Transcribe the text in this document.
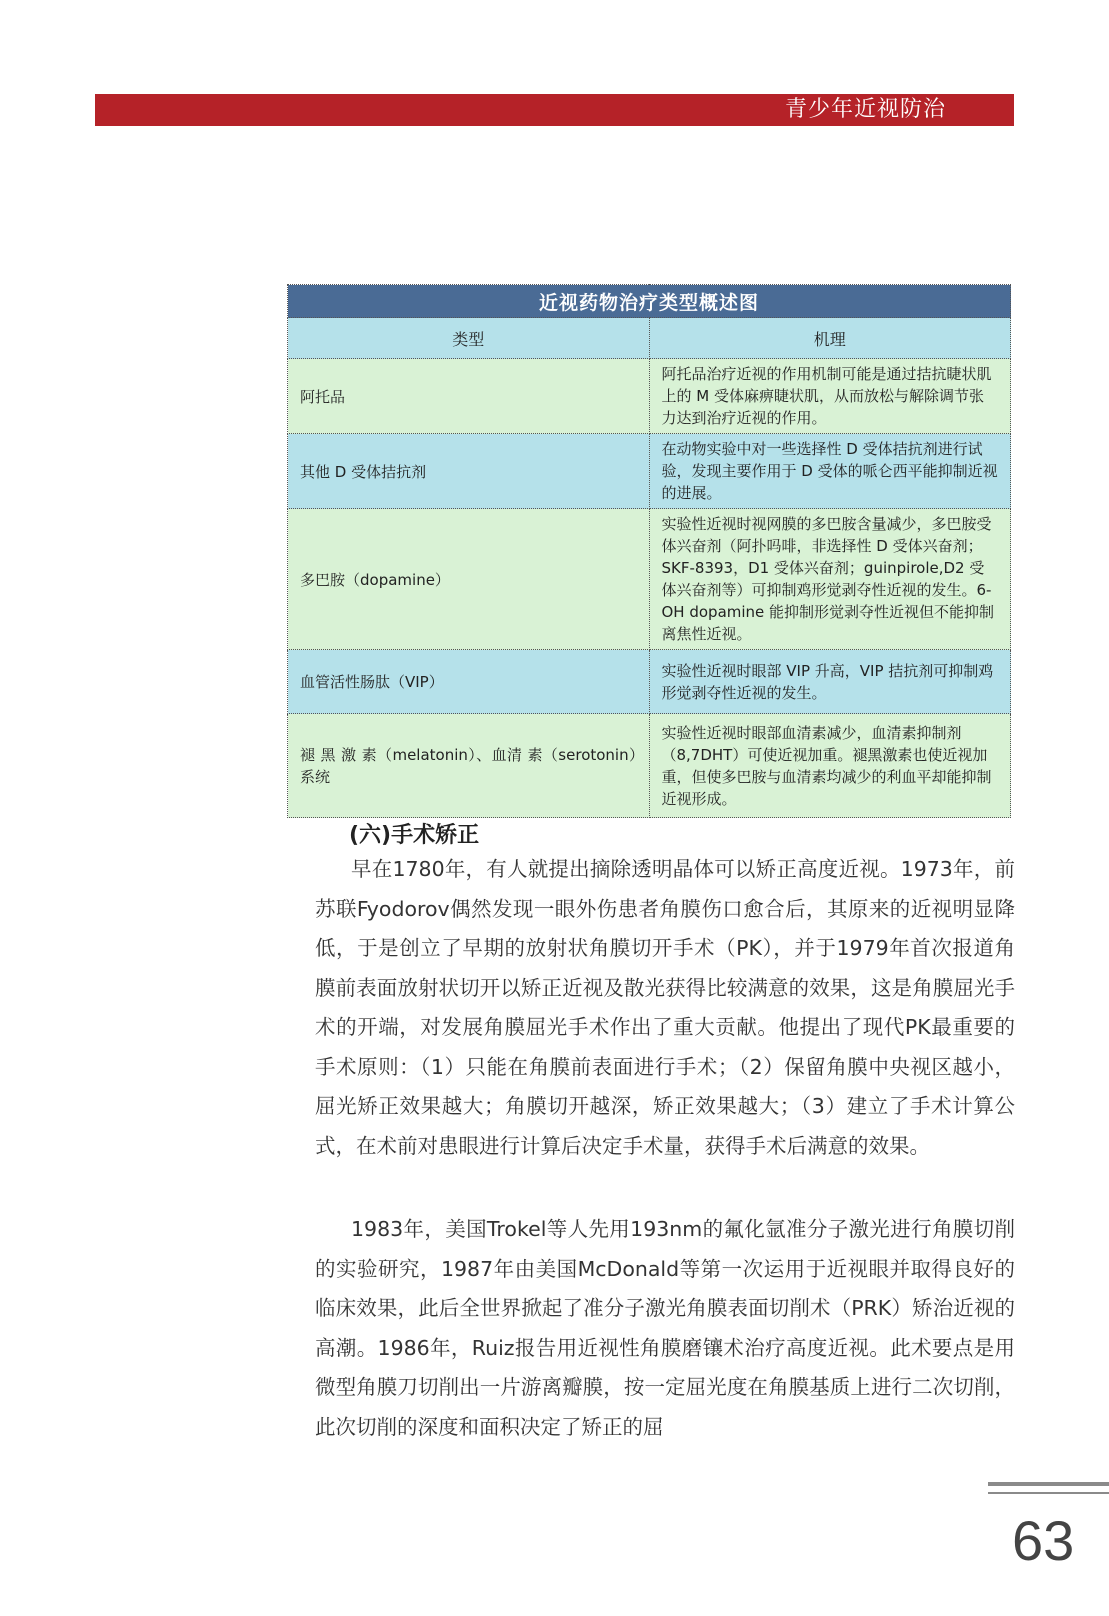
青少年近视防治
近视药物治疗类型概述图	
类型	机理
阿托品	阿托品治疗近视的作用机制可能是通过拮抗睫状肌上的 M 受体麻痹睫状肌，从而放松与解除调节张力达到治疗近视的作用。
其他 D 受体拮抗剂	在动物实验中对一些选择性 D 受体拮抗剂进行试验，发现主要作用于 D 受体的哌仑西平能抑制近视的进展。
多巴胺（dopamine）	实验性近视时视网膜的多巴胺含量减少，多巴胺受体兴奋剂（阿扑吗啡，非选择性 D 受体兴奋剂；SKF-8393，D1 受体兴奋剂；guinpirole,D2 受体兴奋剂等）可抑制鸡形觉剥夺性近视的发生。6-OH dopamine 能抑制形觉剥夺性近视但不能抑制离焦性近视。
血管活性肠肽（VIP）	实验性近视时眼部 VIP 升高，VIP 拮抗剂可抑制鸡形觉剥夺性近视的发生。
褪 黑 激 素（melatonin）、血清 素（serotonin）系统	实验性近视时眼部血清素减少，血清素抑制剂（8,7DHT）可使近视加重。褪黑激素也使近视加重，但使多巴胺与血清素均减少的利血平却能抑制近视形成。
(六)手术矫正

早在1780年，有人就提出摘除透明晶体可以矫正高度近视。1973年，前苏联Fyodorov偶然发现一眼外伤患者角膜伤口愈合后，其原来的近视明显降低，于是创立了早期的放射状角膜切开手术（PK），并于1979年首次报道角膜前表面放射状切开以矫正近视及散光获得比较满意的效果，这是角膜屈光手术的开端，对发展角膜屈光手术作出了重大贡献。他提出了现代PK最重要的手术原则：（1）只能在角膜前表面进行手术；（2）保留角膜中央视区越小，屈光矫正效果越大；角膜切开越深，矫正效果越大；（3）建立了手术计算公式，在术前对患眼进行计算后决定手术量，获得手术后满意的效果。

1983年，美国Trokel等人先用193nm的氟化氩准分子激光进行角膜切削的实验研究，1987年由美国McDonald等第一次运用于近视眼并取得良好的临床效果，此后全世界掀起了准分子激光角膜表面切削术（PRK）矫治近视的高潮。1986年，Ruiz报告用近视性角膜磨镶术治疗高度近视。此术要点是用微型角膜刀切削出一片游离瓣膜，按一定屈光度在角膜基质上进行二次切削，此次切削的深度和面积决定了矫正的屈

63
